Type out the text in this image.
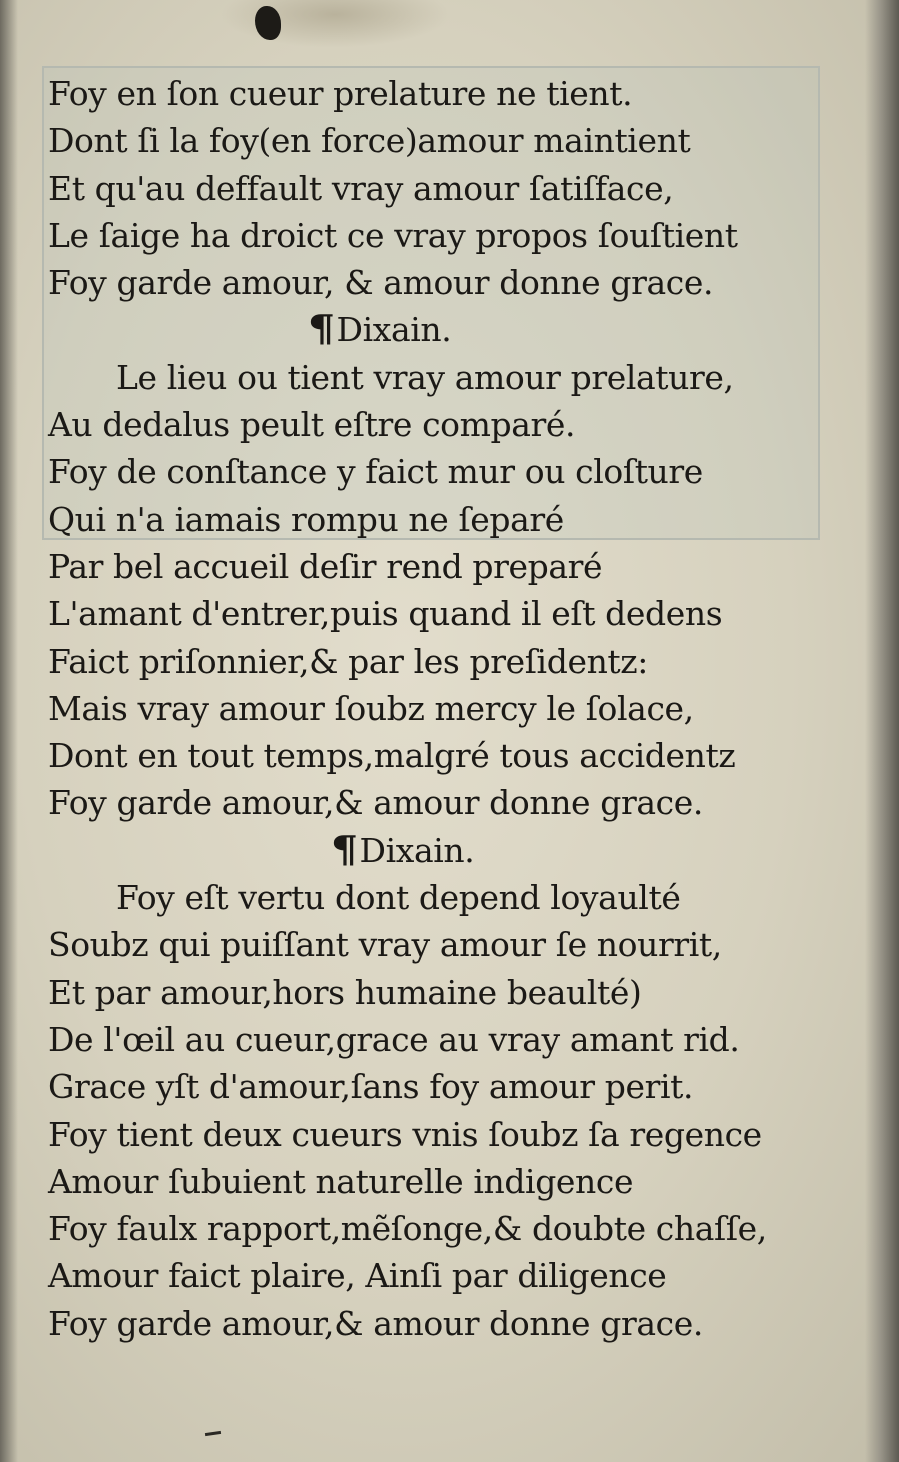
Foy en ſon cueur prelature ne tient.
Dont ſi la foy(en force)amour maintient
Et qu'au deffault vray amour ſatiſface,
Le ſaige ha droict ce vray propos ſouſtient
Foy garde amour, & amour donne grace.
¶Dixain.
Le lieu ou tient vray amour prelature,
Au dedalus peult eſtre comparé.
Foy de conſtance y faict mur ou cloſture
Qui n'a iamais rompu ne ſeparé
Par bel accueil deſir rend preparé
L'amant d'entrer,puis quand il eſt dedens
Faict priſonnier,& par les preſidentz:
Mais vray amour ſoubz mercy le ſolace,
Dont en tout temps,malgré tous accidentz
Foy garde amour,& amour donne grace.
¶Dixain.
Foy eſt vertu dont depend loyaulté
Soubz qui puiſſant vray amour ſe nourrit,
Et par amour,hors humaine beaulté)
De l'œil au cueur,grace au vray amant rid.
Grace yſt d'amour,ſans foy amour perit.
Foy tient deux cueurs vnis ſoubz ſa regence
Amour ſubuient naturelle indigence
Foy faulx rapport,mẽſonge,& doubte chaſſe,
Amour faict plaire, Ainſi par diligence
Foy garde amour,& amour donne grace.
